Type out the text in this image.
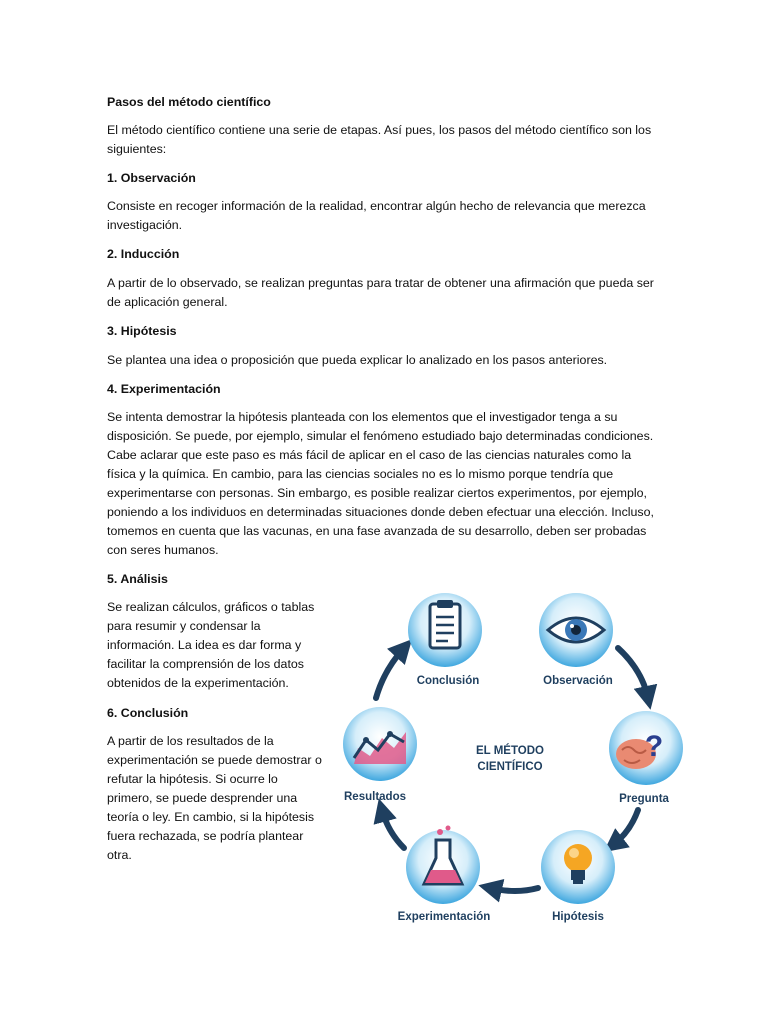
Pasos del método científico
El método científico contiene una serie de etapas. Así pues, los pasos del método científico son los siguientes:
1. Observación
Consiste en recoger información de la realidad, encontrar algún hecho de relevancia que merezca investigación.
2. Inducción
A partir de lo observado, se realizan preguntas para tratar de obtener una afirmación que pueda ser de aplicación general.
3. Hipótesis
Se plantea una idea o proposición que pueda explicar lo analizado en los pasos anteriores.
4. Experimentación
Se intenta demostrar la hipótesis planteada con los elementos que el investigador tenga a su disposición. Se puede, por ejemplo, simular el fenómeno estudiado bajo determinadas condiciones. Cabe aclarar que este paso es más fácil de aplicar en el caso de las ciencias naturales como la física y la química. En cambio, para las ciencias sociales no es lo mismo porque tendría que experimentarse con personas. Sin embargo, es posible realizar ciertos experimentos, por ejemplo, poniendo a los individuos en determinadas situaciones donde deben efectuar una elección. Incluso, tomemos en cuenta que las vacunas, en una fase avanzada de su desarrollo, deben ser probadas con seres humanos.
5. Análisis
Se realizan cálculos, gráficos o tablas para resumir y condensar la información. La idea es dar forma y facilitar la comprensión de los datos obtenidos de la experimentación.
6. Conclusión
A partir de los resultados de la experimentación se puede demostrar o refutar la hipótesis. Si ocurre lo primero, se puede desprender una teoría o ley. En cambio, si la hipótesis fuera rechazada, se podría plantear otra.
EL MÉTODO
CIENTÍFICO
Conclusión	Observación
?
Pregunta
Hipótesis
Experimentación
Resultados
